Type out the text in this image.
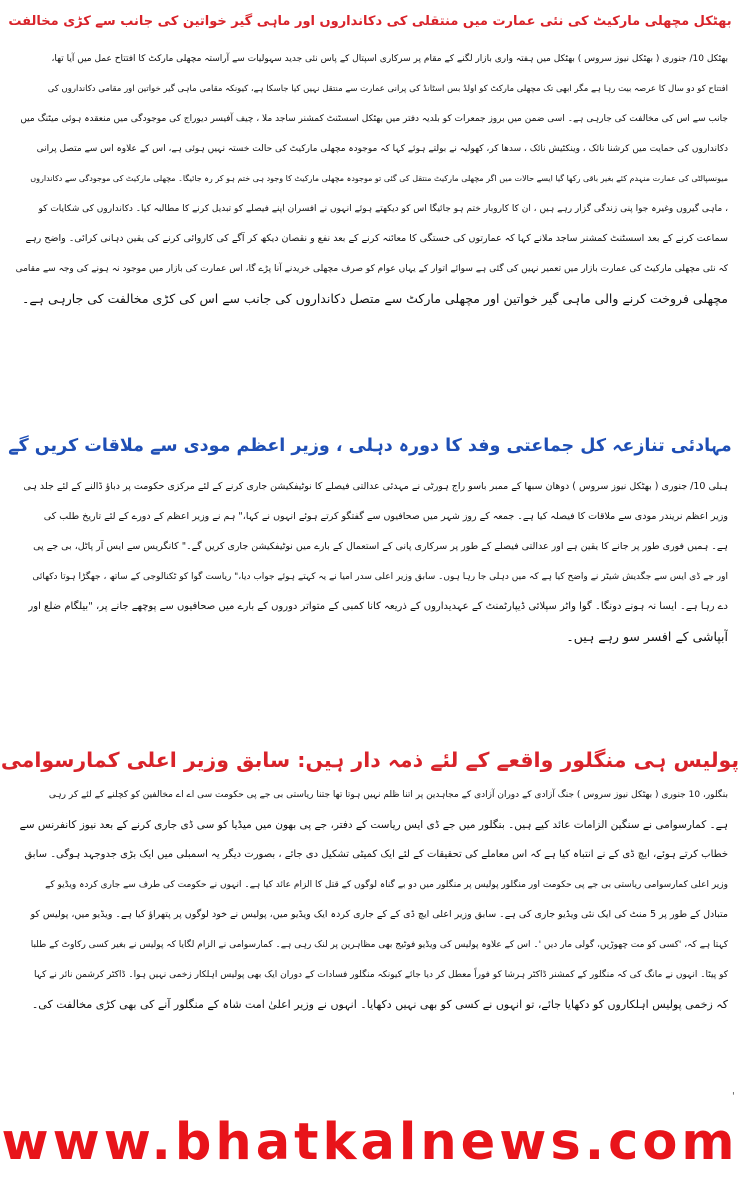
بھٹکل مچھلی مارکیٹ کی نئی عمارت میں منتقلی کی دکانداروں اور ماہی گیر خواتین کی جانب سے کڑی مخالفت

بھٹکل 10/ جنوری ( بھٹکل نیوز سروس ) بھٹکل میں ہفتہ واری بازار لگنے کے مقام پر سرکاری اسپتال کے پاس نئی جدید سہولیات سے آراستہ مچھلی مارکٹ کا افتتاح عمل میں آیا تھا،

افتتاح کو دو سال کا عرصہ بیت رہا ہے مگر ابھی تک مچھلی مارکٹ کو اولڈ بس اسٹانڈ کی پرانی عمارت سے منتقل نہیں کیا جاسکا ہے، کیونکہ مقامی ماہی گیر خواتین اور مقامی دکانداروں کی

جانب سے اس کی مخالفت کی جارہی ہے۔ اسی ضمن میں بروز جمعرات کو بلدیہ دفتر میں بھٹکل اسسٹنٹ کمشنر ساجد ملا ، چیف آفیسر دیوراج کی موجودگی میں منعقدہ ہوئی میٹنگ میں

دکانداروں کی حمایت میں کرشنا نائک ، وینکٹیش نائک ، سدھا کر، کھولیہ نے بولتے ہوئے کہا کہ موجودہ مچھلی مارکیٹ کی حالت خستہ نہیں ہوئی ہے، اس کے علاوہ اس سے متصل پرانی

میونسپالٹی کی عمارت منہدم کئے بغیر باقی رکھا گیا ایسے حالات میں اگر مچھلی مارکیٹ منتقل کی گئی تو موجودہ مچھلی مارکیٹ کا وجود ہی ختم ہو کر رہ جائیگا۔ مچھلی مارکیٹ کی موجودگی سے دکانداروں

، ماہی گیروں وغیرہ جوا پنی زندگی گزار رہے ہیں ، ان کا کاروبار ختم ہو جائیگا اس کو دیکھتے ہوئے انہوں نے افسران اپنے فیصلے کو تبدیل کرنے کا مطالبہ کیا۔ دکانداروں کی شکایات کو

سماعت کرنے کے بعد اسسٹنٹ کمشنر ساجد ملانے کہا کہ عمارتوں کی خستگی کا معائنہ کرنے کے بعد نفع و نقصان دیکھ کر آگے کی کاروائی کرنے کی یقین دہانی کرائی۔ واضح رہے

کہ نئی مچھلی مارکیٹ کی عمارت بازار میں تعمیر نہیں کی گئی ہے سوائے اتوار کے یہاں عوام کو صرف مچھلی خریدنے آنا پڑے گا، اس عمارت کی بازار میں موجود نہ ہونے کی وجہ سے مقامی

مچھلی فروخت کرنے والی ماہی گیر خواتین اور مچھلی مارکٹ سے متصل دکانداروں کی جانب سے اس کی کڑی مخالفت کی جارہی ہے۔

مہادئی تنازعہ کل جماعتی وفد کا دورہ دہلی ، وزیر اعظم مودی سے ملاقات کریں گے

ہبلی 10/ جنوری ( بھٹکل نیوز سروس ) دوھان سبھا کے ممبر باسو راج ہورٹی نے مہدئی عدالتی فیصلے کا نوٹیفکیشن جاری کرنے کے لئے مرکزی حکومت پر دباؤ ڈالنے کے لئے جلد ہی

وزیر اعظم نریندر مودی سے ملاقات کا فیصلہ کیا ہے۔ جمعہ کے روز شہر میں صحافیوں سے گفتگو کرتے ہوئے انہوں نے کہا،" ہم نے وزیر اعظم کے دورے کے لئے تاریخ طلب کی

ہے۔ ہمیں فوری طور پر جانے کا یقین ہے اور عدالتی فیصلے کے طور پر سرکاری پانی کے استعمال کے بارے میں نوٹیفکیشن جاری کریں گے۔" کانگریس سے ایس آر پاٹل، بی جے پی

اور جے ڈی ایس سے جگدیش شیٹر نے واضح کیا ہے کہ میں دہلی جا رہا ہوں۔ سابق وزیر اعلی سدر امیا نے یہ کہتے ہوئے جواب دیا،" ریاست گوا کو ٹکنالوجی کے ساتھ ، جھگڑا ہوتا دکھائی

دے رہا ہے۔ ایسا نہ ہونے دونگا۔ گوا واٹر سپلائی ڈیپارٹمنٹ کے عہدیداروں کے ذریعہ کانا کمبی کے متواتر دوروں کے بارے میں صحافیوں سے پوچھے جانے پر، "بیلگام ضلع اور

آبپاشی کے افسر سو رہے ہیں۔

پولیس ہی منگلور واقعے کے لئے ذمہ دار ہیں: سابق وزیر اعلی کمارسوامی

بنگلور، 10 جنوری ( بھٹکل نیوز سروس ) جنگ آزادی کے دوران آزادی کے مجاہدین پر اتنا ظلم نہیں ہوتا تھا جتنا ریاستی بی جے پی حکومت سی اے اے مخالفین کو کچلنے کے لئے کر رہی

ہے۔ کمارسوامی نے سنگین الزامات عائد کیے ہیں۔ بنگلور میں جے ڈی ایس ریاست کے دفتر، جے پی بھون میں میڈیا کو سی ڈی جاری کرنے کے بعد نیوز کانفرنس سے

خطاب کرتے ہوئے، ایچ ڈی کے نے انتباہ کیا ہے کہ اس معاملے کی تحقیقات کے لئے ایک کمیٹی تشکیل دی جائے ، بصورت دیگر یہ اسمبلی میں ایک بڑی جدوجہد ہوگی۔ سابق

وزیر اعلی کمارسوامی ریاستی بی جے پی حکومت اور منگلور پولیس پر منگلور میں دو بے گناہ لوگوں کے قتل کا الزام عائد کیا ہے۔ انہوں نے حکومت کی طرف سے جاری کردہ ویڈیو کے

متبادل کے طور پر 5 منٹ کی ایک نئی ویڈیو جاری کی ہے۔ سابق وزیر اعلی ایچ ڈی کے کے جاری کردہ ایک ویڈیو میں، پولیس نے خود لوگوں پر پتھراؤ کیا ہے۔ ویڈیو میں، پولیس کو

کہتا ہے کہ، 'کسی کو مت چھوڑیں، گولی مار دیں '۔ اس کے علاوہ پولیس کی ویڈیو فوٹیج بھی مظاہرین پر لنک رہی ہے۔ کمارسوامی نے الزام لگایا کہ پولیس نے بغیر کسی رکاوٹ کے طلبا

کو پیٹا۔ انہوں نے مانگ کی کہ منگلور کے کمشنر ڈاکٹر ہرشا کو فوراً معطل کر دیا جائے کیونکہ منگلور فسادات کے دوران ایک بھی پولیس اہلکار زخمی نہیں ہوا۔ ڈاکٹر کرشمن نائر نے کہا

کہ زخمی پولیس اہلکاروں کو دکھایا جائے، تو انہوں نے کسی کو بھی نہیں دکھایا۔ انہوں نے وزیر اعلیٰ امت شاہ کے منگلور آنے کی بھی کڑی مخالفت کی۔

'
www.bhatkalnews.com
